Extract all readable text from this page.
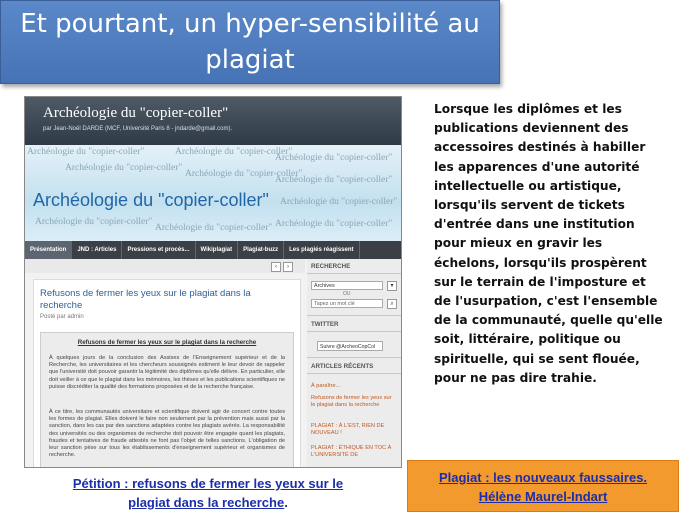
Et pourtant, un hyper-sensibilité au
plagiat
Archéologie du "copier-coller"
par Jean-Noël DARDE (MCF, Université Paris 8 - jndarde@gmail.com).
Archéologie du "copier-coller"	Archéologie du "copier-coller"
Archéologie du "copier-coller"
Archéologie du "copier-coller"
Archéologie du "copier-coller"
Archéologie du "copier-coller"
Archéologie du "copier-coller"
Archéologie du "copier-coller"
Archéologie du "copier-coller" Archéologie du "copier-coller"
Archéologie du "copier-coller"
Présentation	JND : Articles	Pressions et procès...	Wikiplagiat	Plagiat-buzz	Les plagiés réagissent
‹	›
Refusons de fermer les yeux sur le plagiat dans la recherche
Posté par admin
Refusons de fermer les yeux sur le plagiat dans la recherche
À quelques jours de la conclusion des Assises de l'Enseignement supérieur et de la Recherche, les universitaires et les chercheurs soussignés estiment le leur devoir de rappeler que l'université doit pouvoir garantir la légitimité des diplômes qu'elle délivre. En particulier, elle doit veiller à ce que le plagiat dans les mémoires, les thèses et les publications scientifiques ne puisse discréditer la qualité des formations proposées et de la recherche française.
À ce titre, les communautés universitaire et scientifique doivent agir de concert contre toutes les formes de plagiat. Elles doivent le faire non seulement par la prévention mais aussi par la sanction, dans les cas par des sanctions adaptées contre les plagiats avérés. La responsabilité des universités ou des organismes de recherche doit pouvoir être engagée quant les plagiats, fraudes et tentatives de fraude attestés ne font pas l'objet de telles sanctions. L'obligation de leur sanction pèse sur tous les établissements d'enseignement supérieur et organismes de recherche.
RECHERCHE
Archives	▾
OU
Tapez un mot clé	⌕
TWITTER
Suivre @ArcheoCopCol
ARTICLES RÉCENTS
À paraître...
Refusons de fermer les yeux sur le plagiat dans la recherche
PLAGIAT : À L'EST, RIEN DE NOUVEAU !
PLAGIAT : ÉTHIQUE EN TOC À L'UNIVERSITÉ DE
Lorsque les diplômes et les publications deviennent des accessoires destinés à habiller les apparences d'une autorité intellectuelle ou artistique, lorsqu'ils servent de tickets d'entrée dans une institution pour mieux en gravir les échelons, lorsqu'ils prospèrent sur le terrain de l'imposture et de l'usurpation, c'est l'ensemble de la communauté, quelle qu'elle soit, littéraire, politique ou spirituelle, qui se sent flouée, pour ne pas dire trahie.
Pétition : refusons de fermer les yeux sur le
plagiat dans la recherche.
Plagiat : les nouveaux faussaires.
Hélène Maurel-Indart
